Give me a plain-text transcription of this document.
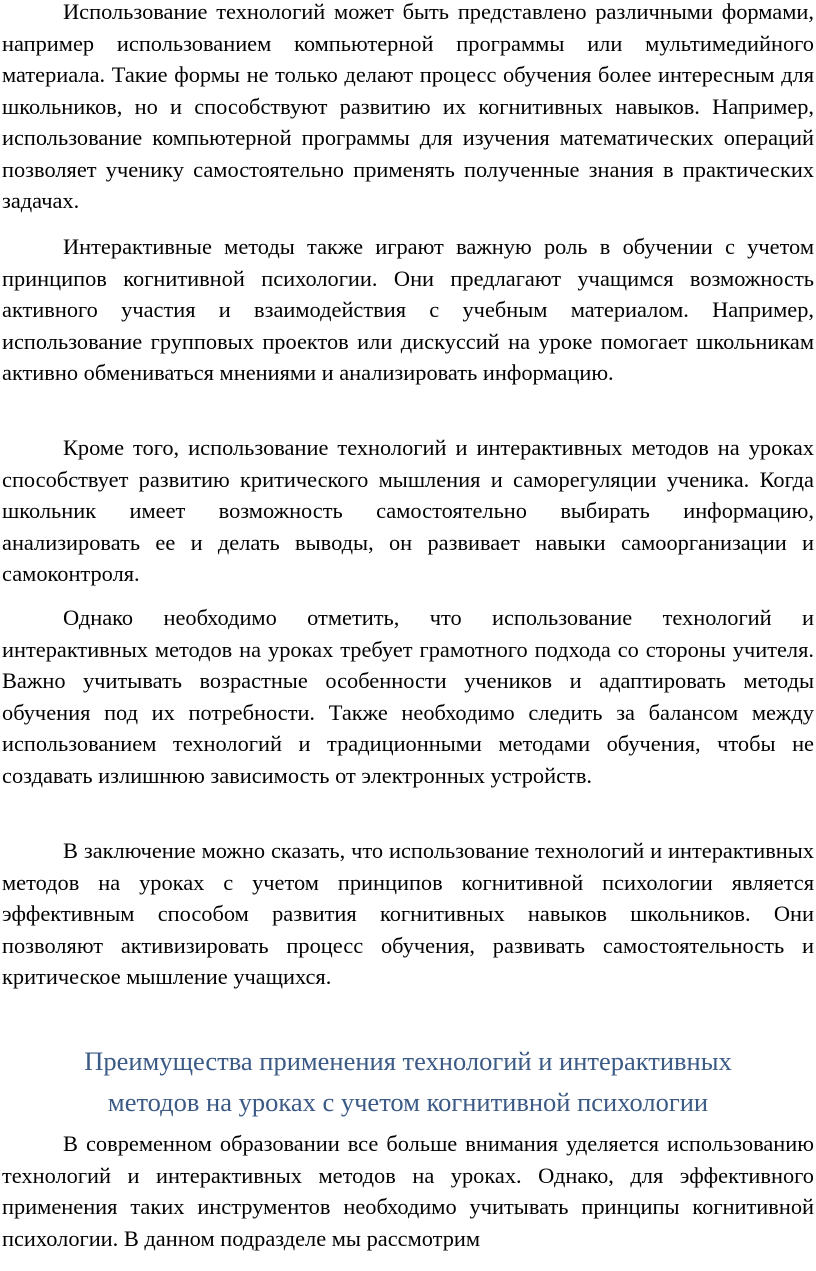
Использование технологий может быть представлено различными формами, например использованием компьютерной программы или мультимедийного материала. Такие формы не только делают процесс обучения более интересным для школьников, но и способствуют развитию их когнитивных навыков. Например, использование компьютерной программы для изучения математических операций позволяет ученику самостоятельно применять полученные знания в практических задачах.

Интерактивные методы также играют важную роль в обучении с учетом принципов когнитивной психологии. Они предлагают учащимся возможность активного участия и взаимодействия с учебным материалом. Например, использование групповых проектов или дискуссий на уроке помогает школьникам активно обмениваться мнениями и анализировать информацию.

Кроме того, использование технологий и интерактивных методов на уроках способствует развитию критического мышления и саморегуляции ученика. Когда школьник имеет возможность самостоятельно выбирать информацию, анализировать ее и делать выводы, он развивает навыки самоорганизации и самоконтроля.

Однако необходимо отметить, что использование технологий и интерактивных методов на уроках требует грамотного подхода со стороны учителя. Важно учитывать возрастные особенности учеников и адаптировать методы обучения под их потребности. Также необходимо следить за балансом между использованием технологий и традиционными методами обучения, чтобы не создавать излишнюю зависимость от электронных устройств.

В заключение можно сказать, что использование технологий и интерактивных методов на уроках с учетом принципов когнитивной психологии является эффективным способом развития когнитивных навыков школьников. Они позволяют активизировать процесс обучения, развивать самостоятельность и критическое мышление учащихся.

Преимущества применения технологий и интерактивных
методов на уроках с учетом когнитивной психологии

В современном образовании все больше внимания уделяется использованию технологий и интерактивных методов на уроках. Однако, для эффективного применения таких инструментов необходимо учитывать принципы когнитивной психологии. В данном подразделе мы рассмотрим
